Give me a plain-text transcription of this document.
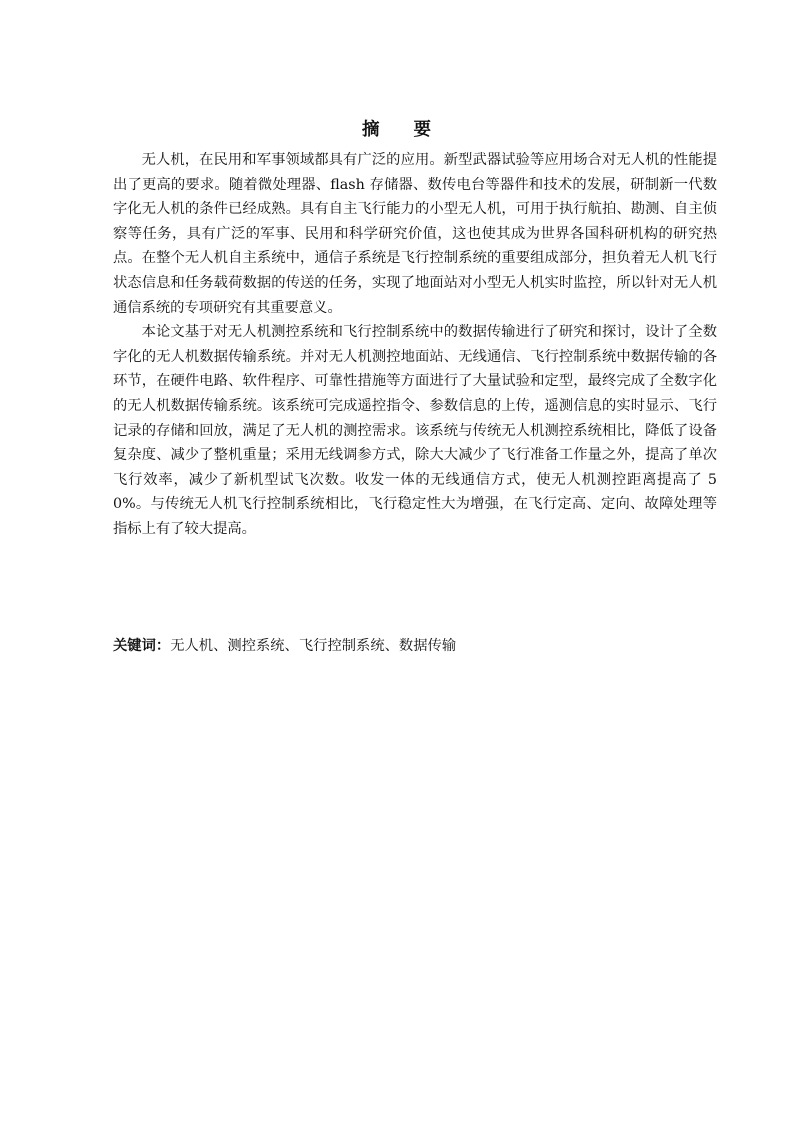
摘 要

无人机，在民用和军事领域都具有广泛的应用。新型武器试验等应用场合对无人机的性能提出了更高的要求。随着微处理器、flash 存储器、数传电台等器件和技术的发展，研制新一代数字化无人机的条件已经成熟。具有自主飞行能力的小型无人机，可用于执行航拍、勘测、自主侦察等任务，具有广泛的军事、民用和科学研究价值，这也使其成为世界各国科研机构的研究热点。在整个无人机自主系统中，通信子系统是飞行控制系统的重要组成部分，担负着无人机飞行状态信息和任务载荷数据的传送的任务，实现了地面站对小型无人机实时监控，所以针对无人机通信系统的专项研究有其重要意义。

本论文基于对无人机测控系统和飞行控制系统中的数据传输进行了研究和探讨，设计了全数字化的无人机数据传输系统。并对无人机测控地面站、无线通信、飞行控制系统中数据传输的各环节，在硬件电路、软件程序、可靠性措施等方面进行了大量试验和定型，最终完成了全数字化的无人机数据传输系统。该系统可完成遥控指令、参数信息的上传，遥测信息的实时显示、飞行记录的存储和回放，满足了无人机的测控需求。该系统与传统无人机测控系统相比，降低了设备复杂度、减少了整机重量；采用无线调参方式，除大大减少了飞行准备工作量之外，提高了单次飞行效率，减少了新机型试飞次数。收发一体的无线通信方式，使无人机测控距离提高了 50%。与传统无人机飞行控制系统相比，飞行稳定性大为增强，在飞行定高、定向、故障处理等指标上有了较大提高。

关键词：无人机、测控系统、飞行控制系统、数据传输
